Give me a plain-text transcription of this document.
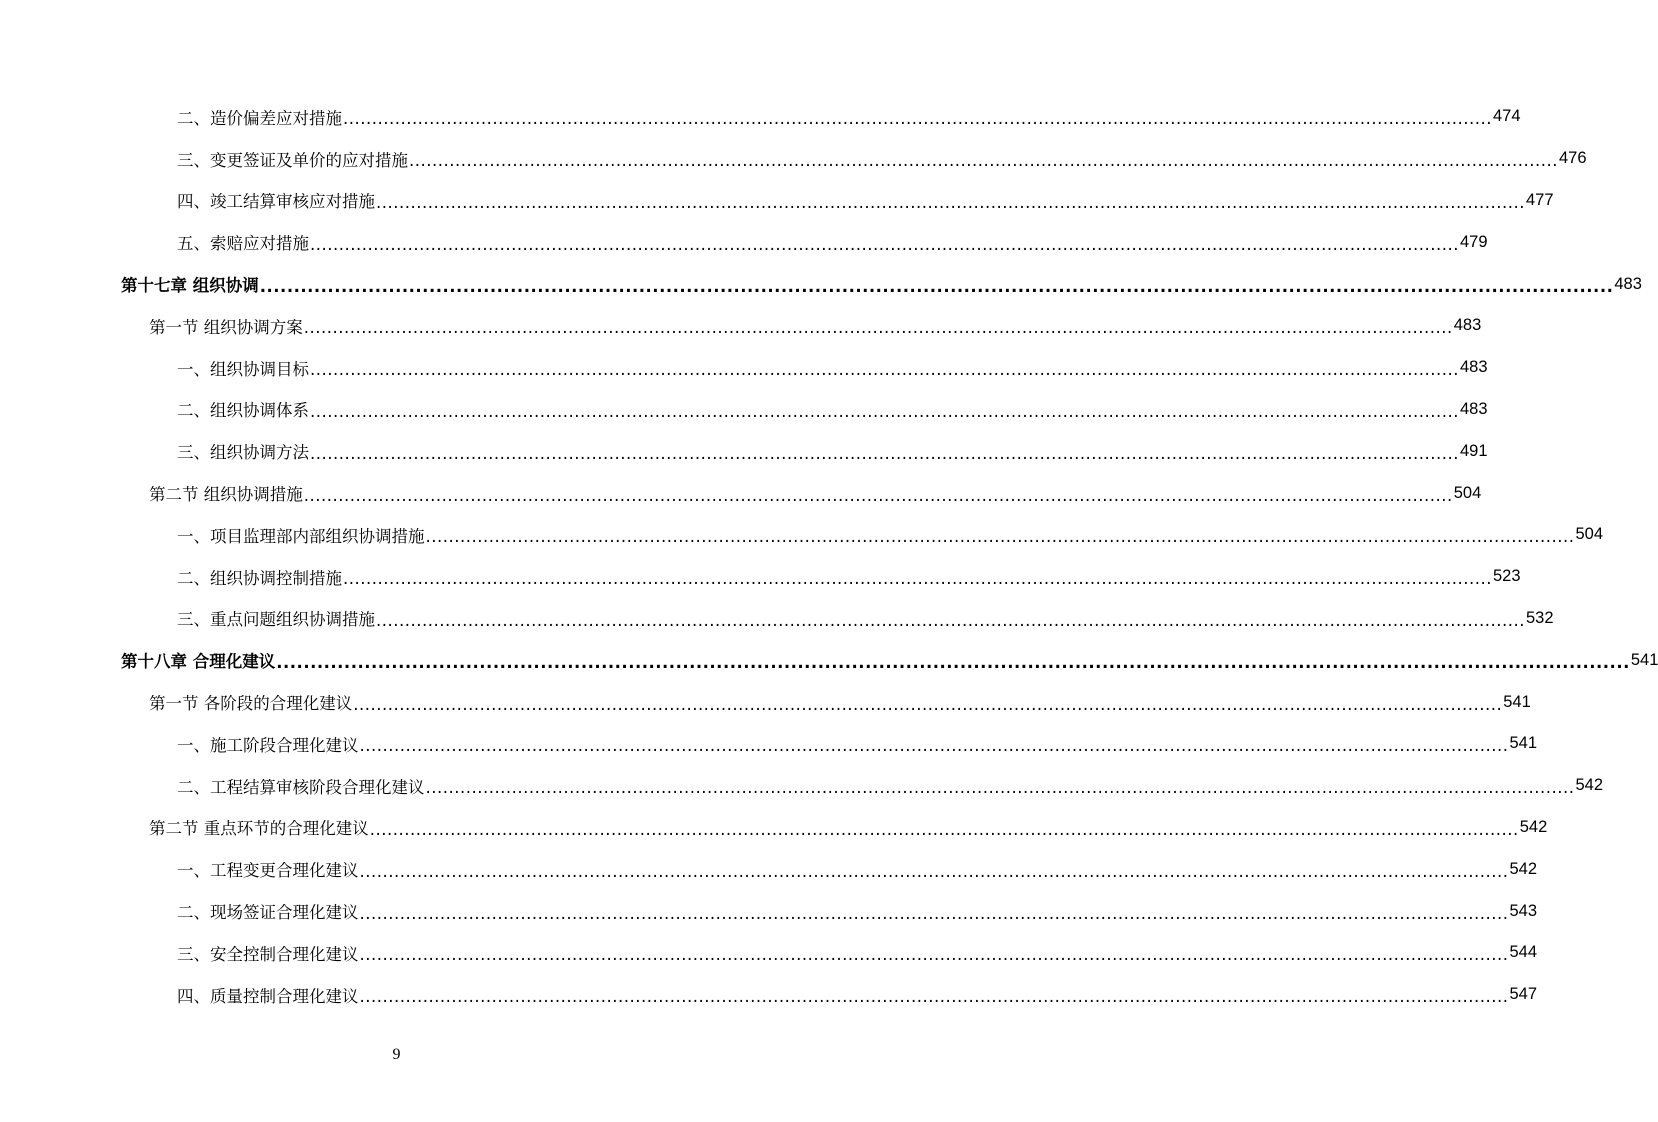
二、造价偏差应对措施 ........................................................................................................................................................................................................ 474
三、变更签证及单价的应对措施 ........................................................................................................................................................................................................ 476
四、竣工结算审核应对措施 ........................................................................................................................................................................................................ 477
五、索赔应对措施 ........................................................................................................................................................................................................ 479
第十七章 组织协调 ........................................................................................................................................................................................................ 483
第一节 组织协调方案 ........................................................................................................................................................................................................ 483
一、组织协调目标 ........................................................................................................................................................................................................ 483
二、组织协调体系 ........................................................................................................................................................................................................ 483
三、组织协调方法 ........................................................................................................................................................................................................ 491
第二节 组织协调措施 ........................................................................................................................................................................................................ 504
一、项目监理部内部组织协调措施 ........................................................................................................................................................................................................ 504
二、组织协调控制措施 ........................................................................................................................................................................................................ 523
三、重点问题组织协调措施 ........................................................................................................................................................................................................ 532
第十八章 合理化建议 ........................................................................................................................................................................................................ 541
第一节 各阶段的合理化建议 ........................................................................................................................................................................................................ 541
一、施工阶段合理化建议 ........................................................................................................................................................................................................ 541
二、工程结算审核阶段合理化建议 ........................................................................................................................................................................................................ 542
第二节 重点环节的合理化建议 ........................................................................................................................................................................................................ 542
一、工程变更合理化建议 ........................................................................................................................................................................................................ 542
二、现场签证合理化建议 ........................................................................................................................................................................................................ 543
三、安全控制合理化建议 ........................................................................................................................................................................................................ 544
四、质量控制合理化建议 ........................................................................................................................................................................................................ 547
9
